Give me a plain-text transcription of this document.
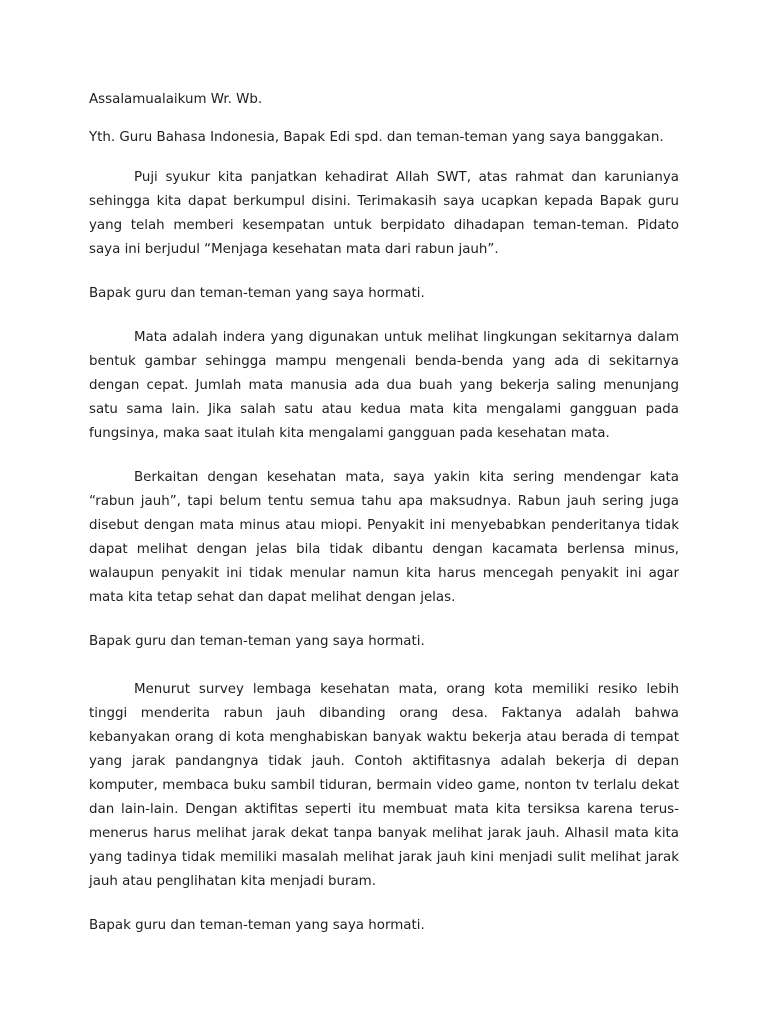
Assalamualaikum Wr. Wb.

Yth. Guru Bahasa Indonesia, Bapak Edi spd. dan teman-teman yang saya banggakan.

Puji syukur kita panjatkan kehadirat Allah SWT, atas rahmat dan karunianya sehingga kita dapat berkumpul disini. Terimakasih saya ucapkan kepada Bapak guru yang telah memberi kesempatan untuk berpidato dihadapan teman-teman. Pidato saya ini berjudul “Menjaga kesehatan mata dari rabun jauh”.

Bapak guru dan teman-teman yang saya hormati.

Mata adalah indera yang digunakan untuk melihat lingkungan sekitarnya dalam bentuk gambar sehingga mampu mengenali benda-benda yang ada di sekitarnya dengan cepat. Jumlah mata manusia ada dua buah yang bekerja saling menunjang satu sama lain. Jika salah satu atau kedua mata kita mengalami gangguan pada fungsinya, maka saat itulah kita mengalami gangguan pada kesehatan mata.

Berkaitan dengan kesehatan mata, saya yakin kita sering mendengar kata “rabun jauh”, tapi belum tentu semua tahu apa maksudnya. Rabun jauh sering juga disebut dengan mata minus atau miopi. Penyakit ini menyebabkan penderitanya tidak dapat melihat dengan jelas bila tidak dibantu dengan kacamata berlensa minus, walaupun penyakit ini tidak menular namun kita harus mencegah penyakit ini agar mata kita tetap sehat dan dapat melihat dengan jelas.

Bapak guru dan teman-teman yang saya hormati.

Menurut survey lembaga kesehatan mata, orang kota memiliki resiko lebih tinggi menderita rabun jauh dibanding orang desa. Faktanya adalah bahwa kebanyakan orang di kota menghabiskan banyak waktu bekerja atau berada di tempat yang jarak pandangnya tidak jauh. Contoh aktifitasnya adalah bekerja di depan komputer, membaca buku sambil tiduran, bermain video game, nonton tv terlalu dekat dan lain-lain. Dengan aktifitas seperti itu membuat mata kita tersiksa karena terus-menerus harus melihat jarak dekat tanpa banyak melihat jarak jauh. Alhasil mata kita yang tadinya tidak memiliki masalah melihat jarak jauh kini menjadi sulit melihat jarak jauh atau penglihatan kita menjadi buram.

Bapak guru dan teman-teman yang saya hormati.
